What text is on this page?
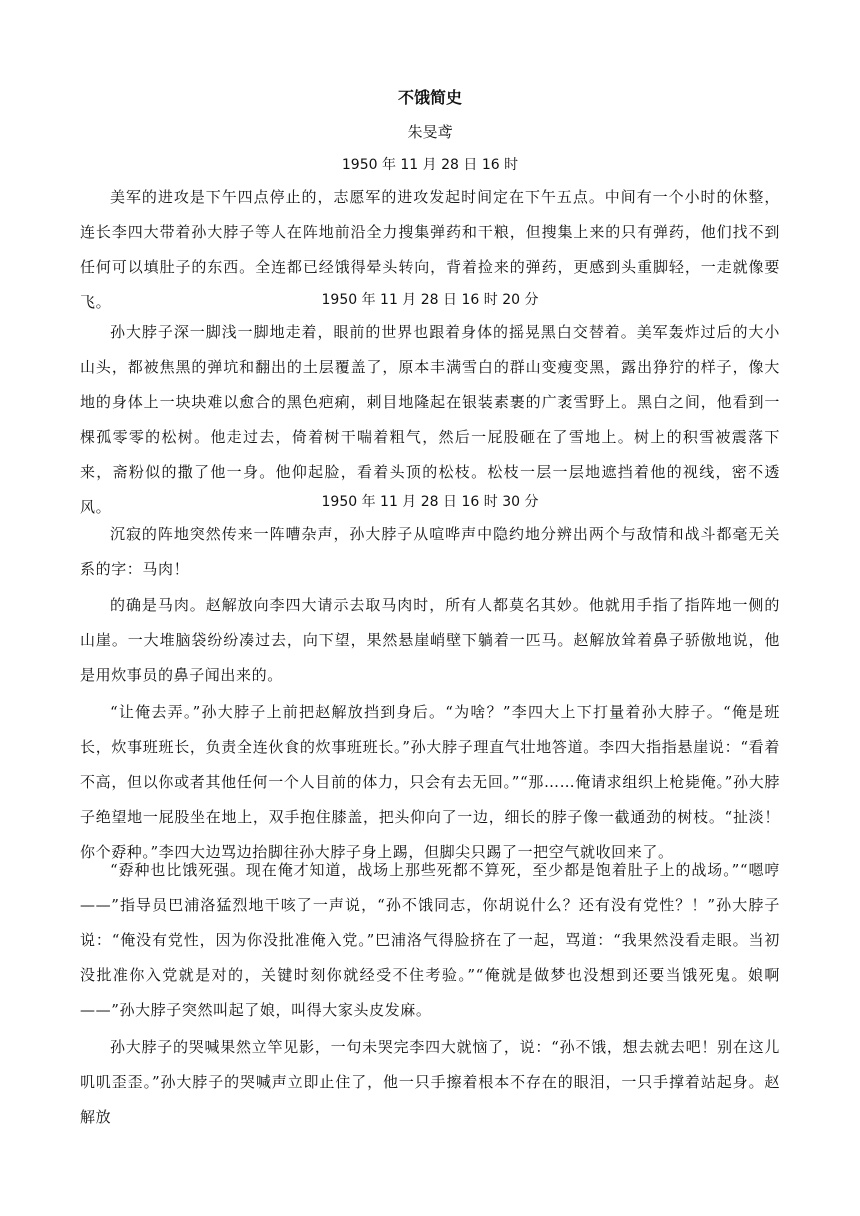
不饿简史
朱旻鸢
1950 年 11 月 28 日 16 时

美军的进攻是下午四点停止的，志愿军的进攻发起时间定在下午五点。中间有一个小时的休整，连长李四大带着孙大脖子等人在阵地前沿全力搜集弹药和干粮，但搜集上来的只有弹药，他们找不到任何可以填肚子的东西。全连都已经饿得晕头转向，背着捡来的弹药，更感到头重脚轻，一走就像要飞。	1950 年 11 月 28 日 16 时 20 分

孙大脖子深一脚浅一脚地走着，眼前的世界也跟着身体的摇晃黑白交替着。美军轰炸过后的大小山头，都被焦黑的弹坑和翻出的土层覆盖了，原本丰满雪白的群山变瘦变黑，露出狰狞的样子，像大地的身体上一块块难以愈合的黑色疤痢，刺目地隆起在银装素裹的广袤雪野上。黑白之间，他看到一棵孤零零的松树。他走过去，倚着树干喘着粗气，然后一屁股砸在了雪地上。树上的积雪被震落下来，斋粉似的撒了他一身。他仰起脸，看着头顶的松枝。松枝一层一层地遮挡着他的视线，密不透风。	1950 年 11 月 28 日 16 时 30 分

沉寂的阵地突然传来一阵嘈杂声，孙大脖子从喧哗声中隐约地分辨出两个与敌情和战斗都毫无关系的字：马肉！

的确是马肉。赵解放向李四大请示去取马肉时，所有人都莫名其妙。他就用手指了指阵地一侧的山崖。一大堆脑袋纷纷凑过去，向下望，果然悬崖峭壁下躺着一匹马。赵解放耸着鼻子骄傲地说，他是用炊事员的鼻子闻出来的。

“让俺去弄。”孙大脖子上前把赵解放挡到身后。“为啥？”李四大上下打量着孙大脖子。“俺是班长，炊事班班长，负责全连伙食的炊事班班长。”孙大脖子理直气壮地答道。李四大指指悬崖说：“看着不高，但以你或者其他任何一个人目前的体力，只会有去无回。”“那……俺请求组织上枪毙俺。”孙大脖子绝望地一屁股坐在地上，双手抱住膝盖，把头仰向了一边，细长的脖子像一截通劲的树枝。“扯淡！你个孬种。”李四大边骂边抬脚往孙大脖子身上踢，但脚尖只踢了一把空气就收回来了。

“孬种也比饿死强。现在俺才知道，战场上那些死都不算死，至少都是饱着肚子上的战场。”“嗯哼——”指导员巴浦洛猛烈地干咳了一声说，“孙不饿同志，你胡说什么？还有没有党性？！”孙大脖子说：“俺没有党性，因为你没批准俺入党。”巴浦洛气得脸挤在了一起，骂道：“我果然没看走眼。当初没批准你入党就是对的，关键时刻你就经受不住考验。”“俺就是做梦也没想到还要当饿死鬼。娘啊——”孙大脖子突然叫起了娘，叫得大家头皮发麻。

孙大脖子的哭喊果然立竿见影，一句未哭完李四大就恼了，说：“孙不饿，想去就去吧！别在这儿叽叽歪歪。”孙大脖子的哭喊声立即止住了，他一只手擦着根本不存在的眼泪，一只手撑着站起身。赵解放
